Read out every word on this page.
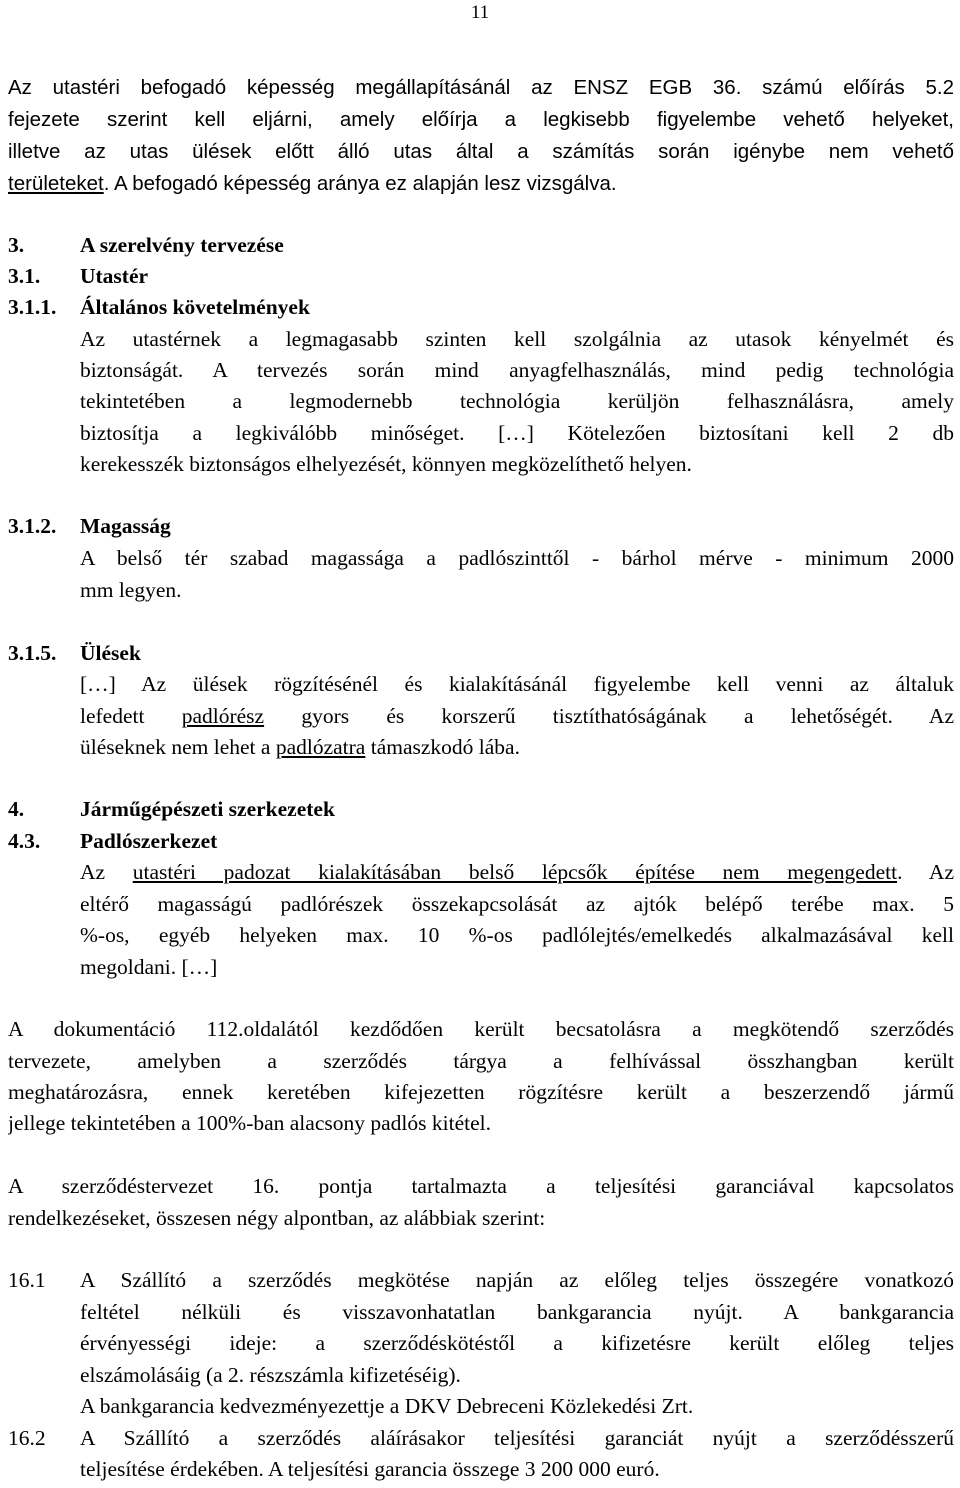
11
Az utastéri befogadó képesség megállapításánál az ENSZ EGB 36. számú előírás 5.2
fejezete szerint kell eljárni, amely előírja a legkisebb figyelembe vehető helyeket,
illetve az utas ülések előtt álló utas által a számítás során igénybe nem vehető
területeket. A befogadó képesség aránya ez alapján lesz vizsgálva.
3.	A szerelvény tervezése
3.1. Utastér
3.1.1. Általános követelmények
Az utastérnek a legmagasabb szinten kell szolgálnia az utasok kényelmét és
biztonságát. A tervezés során mind anyagfelhasználás, mind pedig technológia
tekintetében a legmodernebb technológia kerüljön felhasználásra, amely
biztosítja a legkiválóbb minőséget. […] Kötelezően biztosítani kell 2 db
kerekesszék biztonságos elhelyezését, könnyen megközelíthető helyen.
3.1.2. Magasság
A belső tér szabad magassága a padlószinttől - bárhol mérve - minimum 2000
mm legyen.
3.1.5. Ülések
[…] Az ülések rögzítésénél és kialakításánál figyelembe kell venni az általuk
lefedett padlórész gyors és korszerű tisztíthatóságának a lehetőségét. Az
üléseknek nem lehet a padlózatra támaszkodó lába.
4.	Járműgépészeti szerkezetek
4.3. Padlószerkezet
Az utastéri padozat kialakításában belső lépcsők építése nem megengedett. Az
eltérő magasságú padlórészek összekapcsolását az ajtók belépő terébe max. 5
%-os, egyéb helyeken max. 10 %-os padlólejtés/emelkedés alkalmazásával kell
megoldani. […]
A dokumentáció 112.oldalától kezdődően került becsatolásra a megkötendő szerződés
tervezete, amelyben a szerződés tárgya a felhívással összhangban került
meghatározásra, ennek keretében kifejezetten rögzítésre került a beszerzendő jármű
jellege tekintetében a 100%-ban alacsony padlós kitétel.
A szerződéstervezet 16. pontja tartalmazta a teljesítési garanciával kapcsolatos
rendelkezéseket, összesen négy alpontban, az alábbiak szerint:
16.1 A Szállító a szerződés megkötése napján az előleg teljes összegére vonatkozó
feltétel nélküli és visszavonhatatlan bankgarancia nyújt. A bankgarancia
érvényességi ideje: a szerződéskötéstől a kifizetésre került előleg teljes
elszámolásáig (a 2. részszámla kifizetéséig).
A bankgarancia kedvezményezettje a DKV Debreceni Közlekedési Zrt.
16.2 A Szállító a szerződés aláírásakor teljesítési garanciát nyújt a szerződésszerű
teljesítése érdekében. A teljesítési garancia összege 3 200 000 euró.
